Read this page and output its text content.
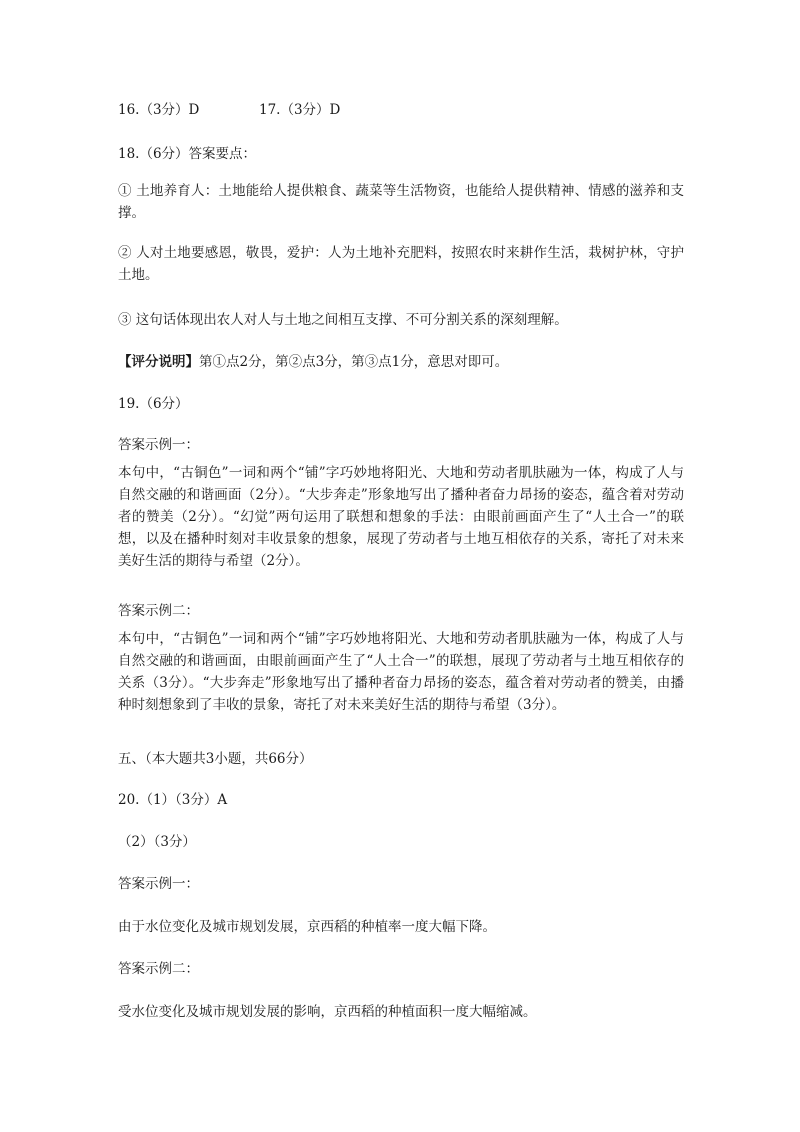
16.（3分）D	17.（3分）D
18.（6分）答案要点：
① 土地养育人：土地能给人提供粮食、蔬菜等生活物资，也能给人提供精神、情感的滋养和支撑。
② 人对土地要感恩，敬畏，爱护：人为土地补充肥料，按照农时来耕作生活，栽树护林，守护土地。
③ 这句话体现出农人对人与土地之间相互支撑、不可分割关系的深刻理解。
【评分说明】第①点2分，第②点3分，第③点1分，意思对即可。
19.（6分）
答案示例一：
本句中，“古铜色”一词和两个“铺”字巧妙地将阳光、大地和劳动者肌肤融为一体，构成了人与自然交融的和谐画面（2分）。“大步奔走”形象地写出了播种者奋力昂扬的姿态，蕴含着对劳动者的赞美（2分）。“幻觉”两句运用了联想和想象的手法：由眼前画面产生了“人土合一”的联想，以及在播种时刻对丰收景象的想象，展现了劳动者与土地互相依存的关系，寄托了对未来美好生活的期待与希望（2分）。
答案示例二：
本句中，“古铜色”一词和两个“铺”字巧妙地将阳光、大地和劳动者肌肤融为一体，构成了人与自然交融的和谐画面，由眼前画面产生了“人土合一”的联想，展现了劳动者与土地互相依存的关系（3分）。“大步奔走”形象地写出了播种者奋力昂扬的姿态，蕴含着对劳动者的赞美，由播种时刻想象到了丰收的景象，寄托了对未来美好生活的期待与希望（3分）。
五、（本大题共3小题，共66分）
20.（1）（3分）A
（2）（3分）
答案示例一：
由于水位变化及城市规划发展，京西稻的种植率一度大幅下降。
答案示例二：
受水位变化及城市规划发展的影响，京西稻的种植面积一度大幅缩减。
